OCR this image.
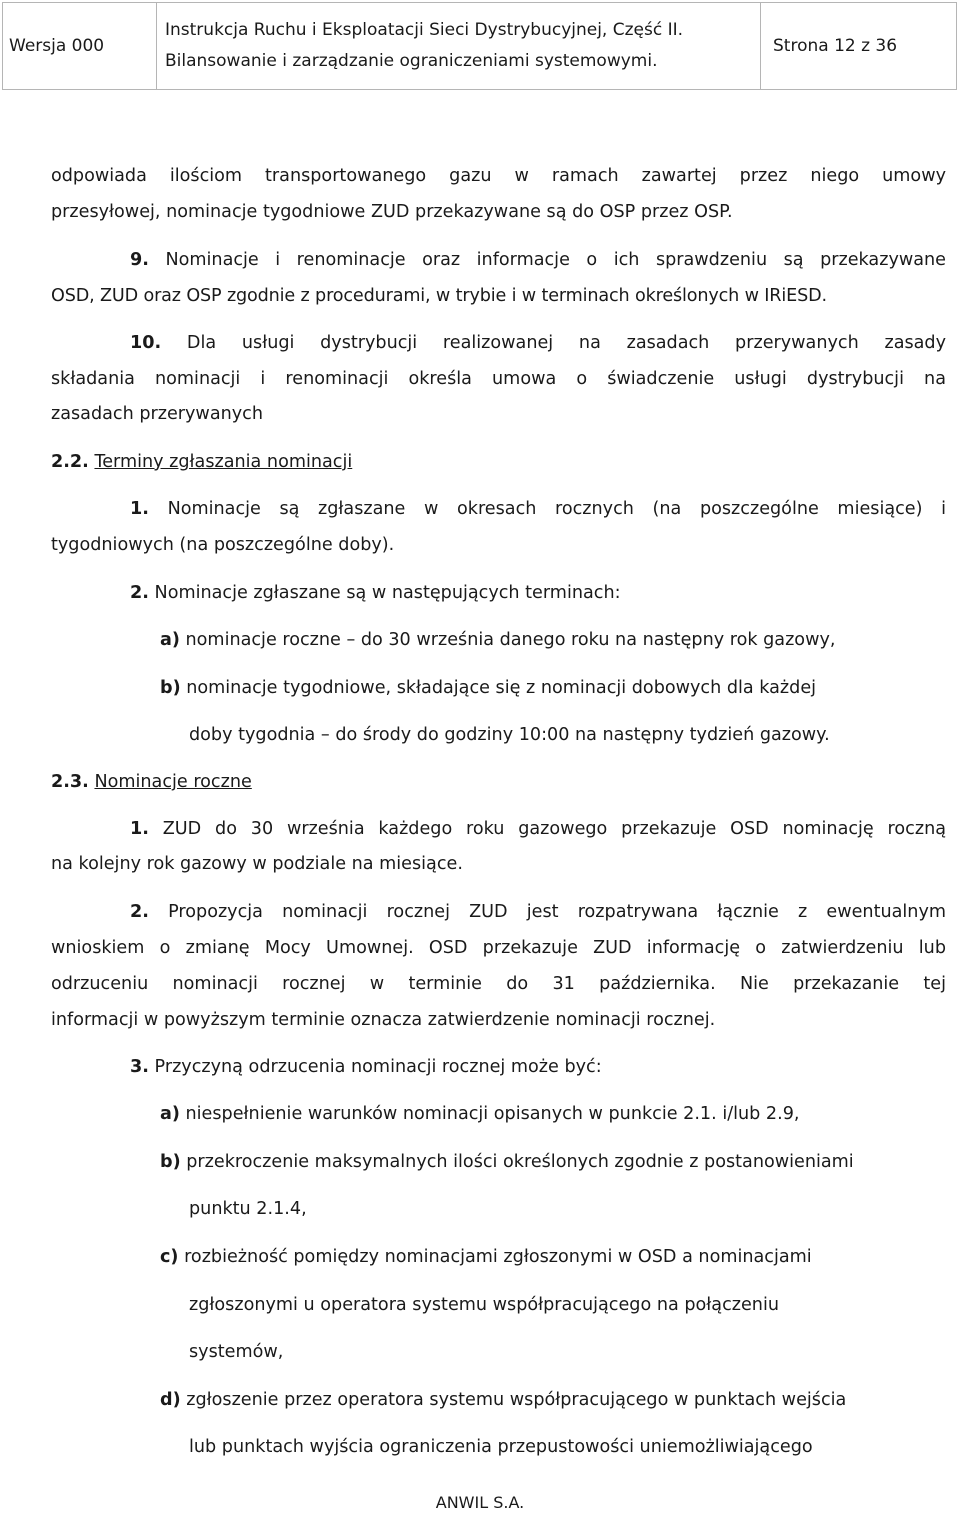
Wersja 000
Instrukcja Ruchu i Eksploatacji Sieci Dystrybucyjnej, Część II.
Bilansowanie i zarządzanie ograniczeniami systemowymi.
Strona 12 z 36
odpowiada ilościom transportowanego gazu w ramach zawartej przez niego umowy
przesyłowej, nominacje tygodniowe ZUD przekazywane są do OSP przez OSP.
9. Nominacje i renominacje oraz informacje o ich sprawdzeniu są przekazywane
OSD, ZUD oraz OSP zgodnie z procedurami, w trybie i w terminach określonych w IRiESD.
10. Dla usługi dystrybucji realizowanej na zasadach przerywanych zasady
składania nominacji i renominacji określa umowa o świadczenie usługi dystrybucji na
zasadach przerywanych
2.2. Terminy zgłaszania nominacji
1. Nominacje są zgłaszane w okresach rocznych (na poszczególne miesiące) i
tygodniowych (na poszczególne doby).
2. Nominacje zgłaszane są w następujących terminach:
a) nominacje roczne – do 30 września danego roku na następny rok gazowy,
b) nominacje tygodniowe, składające się z nominacji dobowych dla każdej
doby tygodnia – do środy do godziny 10:00 na następny tydzień gazowy.
2.3. Nominacje roczne
1. ZUD do 30 września każdego roku gazowego przekazuje OSD nominację roczną
na kolejny rok gazowy w podziale na miesiące.
2. Propozycja nominacji rocznej ZUD jest rozpatrywana łącznie z ewentualnym
wnioskiem o zmianę Mocy Umownej. OSD przekazuje ZUD informację o zatwierdzeniu lub
odrzuceniu nominacji rocznej w terminie do 31 października. Nie przekazanie tej
informacji w powyższym terminie oznacza zatwierdzenie nominacji rocznej.
3. Przyczyną odrzucenia nominacji rocznej może być:
a) niespełnienie warunków nominacji opisanych w punkcie 2.1. i/lub 2.9,
b) przekroczenie maksymalnych ilości określonych zgodnie z postanowieniami
punktu 2.1.4,
c) rozbieżność pomiędzy nominacjami zgłoszonymi w OSD a nominacjami
zgłoszonymi u operatora systemu współpracującego na połączeniu
systemów,
d) zgłoszenie przez operatora systemu współpracującego w punktach wejścia
lub punktach wyjścia ograniczenia przepustowości uniemożliwiającego
ANWIL S.A.
